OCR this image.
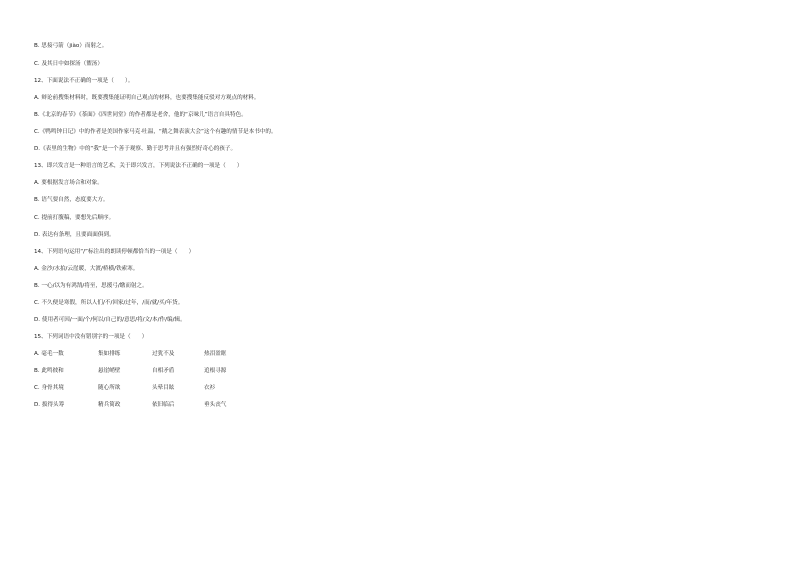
B. 思接弓箭（jiào）而射之。
C. 及其日中如探汤（盥汤）
12、下面说法不正确的一项是（　　）。
A. 辩论前搜集材料时，既要搜集能证明自己观点的材料，也要搜集能反驳对方观点的材料。
B.《北京的春节》《茶面》《四世同堂》的作者都是老舍，他的“京味儿”语言自具特色。
C.《鸭鸣钟日记》中的作者是美国作家马克·吐温，“鹅之舞表演大会”这个有趣的情节是本书中的。
D.《表里的生物》中的“我”是一个善于观察、勤于思考并且有强烈好奇心的孩子。
13、即兴发言是一种语言的艺术，关于即兴发言，下列说法不正确的一项是（　　）
A. 要根据发言场合和对象。
B. 语气要自然，态度要大方。
C. 提前打腹稿，要想先后顺序。
D. 表达有条理，且要面面俱到。
14、下列语句运用“/”标注出的朗读停顿都恰当的一项是（　　）
A. 金沙/水拍/云崖暖，大渡/桥横/铁索寒。
B. 一心/以为有鸿鹄/将至，思援弓/缴而射之。
C. 不久便是寒假，所以人们/不/回家/过年，/而/就/买/年货。
D. 使用者可因/一面/个/何以/自己的/意思/将/文/本/作/编/辑。
15、下列词语中没有错别字的一项是（　　）
A. 毫毛一数	集如排练	过犹不及	热泪盈眶
B. 此鸣彼和	悬崖峭壁	自相矛盾	追根寻源
C. 身骨其境	随心所欲	头晕目眩	衣衫
D. 拔得头筹	精兵简政	依旧临后	垂头丧气
